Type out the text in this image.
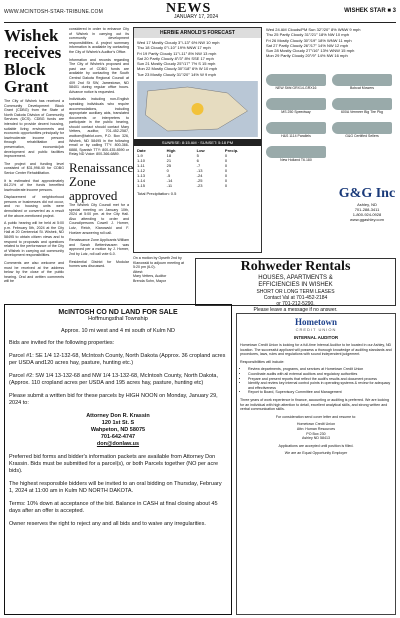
WWW.MCINTOSH-STAR-TRIBUNE.COM	NEWS
JANUARY 17, 2024
WISHEK STAR ■ 3
Wishek receives Block Grant

The City of Wishek has received a Community Development Block Grant (CDBG) from the State of North Dakota Division of Community Services (DCS). CDBG funds are intended to provide decent housing, suitable living environments and economic opportunities principally for low/moderate income persons through rehabilitation and preservation, economic/job development and public facilities improvement.

The project and funding level consisted of $31,998.40 for CDBG Senior Center Rehabilitation.

It is estimated that approximately 84.21% of the funds benefited low/moderate income persons.

Displacement of neighborhood persons or businesses did not occur, and no housing units were demolished or converted as a result of the above-mentioned project.

A public hearing will be held at 5:00 p.m. February 5th, 2024 at the City Hall at 20 Centennial St. Wishek, ND 58495 to obtain citizen views and to respond to proposals and questions related to the performance of the City of Wishek in carrying out community development responsibilities.

Comments are also welcome and must be received at the address below by the close of the public hearing. Oral and written comments will be

considered in order to enhance City of Wishek in carrying out its community development responsibilities. A project summary information is available by contacting the City of Wishek's Auditor's Office.

Information and records regarding The City of Wishek's proposed and past use of CDBG funds are available by contacting the South Central Dakota Regional Council at 409 2nd St SW, Jamestown, ND 58401 during regular office hours. Advance notice is requested.

Individuals including non-English speaking individuals who require accommodations, including appropriate auxiliary aids, translated documents or interpreters to participate in the public hearing, should contact should contact Mary Vetters, auditor, 701-452-2587, wcdtom@tablot.com, P.O. Box 326, Wishek, ND 58495 in the following email or by calling TTY: 800-366-6888, Spanish TTY: 800-435-8590 or Relay ND Voice: 800-366-6889.

Renaissance Zone approved

The Wishek City Council met for a special meeting on January 10th, 2024 at 5:00 pm. at the City Hall. Also attending to order and Councilpersons Cowell J. Horner, Lutz, Reich, Klanowski and F. Hoelzer answering roll call.

Renaissance Zone Applicants William and Sarah Bettenhausen was approved per a motion by J. Horner, 2nd by Lutz, roll call vote 6-0.

Residential District for Modular homes was discussed.

HERBIE ARNOLD'S FORECAST
Wed 17 Mostly Cloudy 3°/-13° 6% NW 10 mph
Thu 18 Cloudy 0°/-10° 19% NNW 17 mph
Fri 19 Partly Cloudy 11°/-11° 8% NW 13 mph
Sat 20 Partly Cloudy 8°/3° 8% SSE 17 mph
Sun 21 Mostly Cloudy 25°/17° 7% S 15 mph
Mon 22 Mostly Cloudy 30°/18° 6% W 10 mph
Tue 23 Mostly Cloudy 31°/20° 14% W 9 mph
SUNRISE: 8:15 AM · SUNSET: 5:18 PM
Date	High	Low	Precip.
1-9	18	5	0
1-10	21	6	0
1-11	25	-7	0
1-12	0	-13	0
1-13	-5	-24	0
1-14	-14	-25	0
1-15	-11	-23	0
Total Precipitation: 0.5
Wed 24 AM Clouds/PM Sun 32°/20° 8% WNW 9 mph
Thu 25 Partly Cloudy 31°/21° 18% NW 10 mph
Fri 26 Mostly Cloudy 30°/19° 18% WNW 11 mph
Sat 27 Partly Cloudy 26°/17° 14% NW 12 mph
Sun 28 Mostly Cloudy 27°/16° 13% WNW 15 mph
Mon 29 Partly Cloudy 20°/9° 14% NW 16 mph
NEW Stihl GRX14-GRX16	Bobcat Mowers
MS 250 Speedway	600A Vermeer Big Tire Pkg
H&S 1114 Parallels	G&G Certified Sellers
New Holland T6.180
G&G Inc
Ashley, ND
701-288-3411
1-800-924-0928
www.ggashley.com
On a motion by Opseth 2nd by Klanowski to adjourn meeting at 5:20 pm (6-0).
Attest:
Mary Vetters, Auditor
Brenda Sohn, Mayor
Rohweder Rentals
HOUSES, APARTMENTS &
EFFICIENCIES IN WISHEK
SHORT OR LONG TERM LEASES
Contact Val at 701-452-2184
or 701-212-5290.
Please leave a message if no answer.
McINTOSH CO ND LAND FOR SALE
Hoffmungsthal Township
Approx. 10 mi west and 4 mi south of Kulm ND

Bids are invited for the following properties:

Parcel #1: SE 1/4 12-132-68, McIntosh County, North Dakota (Approx. 36 cropland acres per USDA and120 acres hay, pasture, hunting etc.)

Parcel #2: SW 1/4 13-132-68 and NW 1/4 13-132-68, McIntosh County, North Dakota, (Approx. 110 cropland acres per USDA and 195 acres hay, pasture, hunting etc)

Please submit a written bid for these parcels by HIGH NOON on Monday, January 29, 2024 to:

Attorney Don R. Krassin
120 1st St. S
Wahpeton, ND 58075
701-642-4747
don@donlaw.us

Preferred bid forms and bidder's information packets are available from Attorney Don Krassin. Bids must be submitted for a parcel(s), or both Parcels together (NO per acre bids).

The highest responsible bidders will be invited to an oral bidding on Thursday, February 1, 2024 at 11:00 am in Kulm ND NORTH DAKOTA.

Terms: 10% down at acceptance of the bid. Balance in CASH at final closing about 45 days after an offer is accepted.

Owner reserves the right to reject any and all bids and to waive any irregularities.

Hometown
CREDIT UNION
INTERNAL AUDITOR

Hometown Credit Union is looking for a full-time Internal Auditor to be located in our Ashley, ND location. The successful applicant will possess a thorough knowledge of auditing standards and procedures, laws, rules and regulations with sound independent judgement.

Responsibilities will include:

• Review departments, programs, and services at Hometown Credit Union
• Coordinate audits with all external auditors and regulatory authorities
• Prepare and present reports that reflect the audit's results and document process
• Identify and review key internal control points in operating systems & review for adequacy and effectiveness
• Report to Board, Supervisory Committee and Management

Three years of work experience in finance, accounting or auditing is preferred. We are looking for an individual with high attention to detail, excellent analytical skills, and strong written and verbal communication skills.

For consideration send cover letter and resume to:

Hometown Credit Union
Attn: Human Resources
PO Box 230
Ashley ND 58413

Applications are accepted until position is filled.

We are an Equal Opportunity Employer
